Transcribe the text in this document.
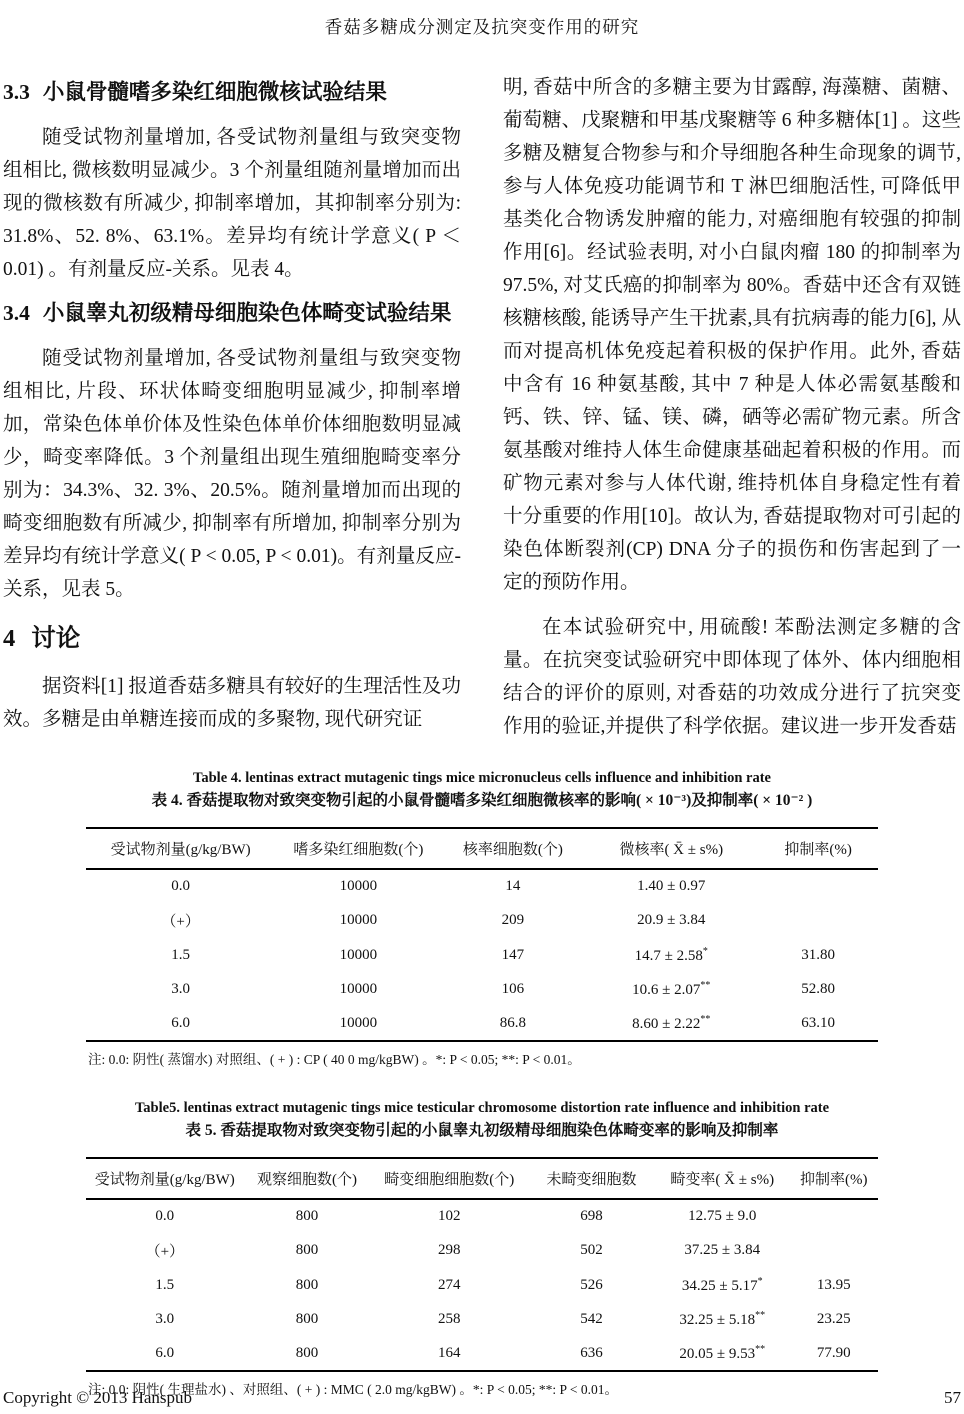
香菇多糖成分测定及抗突变作用的研究
3.3 小鼠骨髓嗜多染红细胞微核试验结果

随受试物剂量增加, 各受试物剂量组与致突变物组相比, 微核数明显减少。3 个剂量组随剂量增加而出现的微核数有所减少, 抑制率增加，其抑制率分别为: 31.8%、52. 8%、63.1%。差异均有统计学意义( P ＜ 0.01) 。有剂量反应-关系。见表 4。

3.4 小鼠睾丸初级精母细胞染色体畸变试验结果

随受试物剂量增加, 各受试物剂量组与致突变物组相比, 片段、环状体畸变细胞明显减少, 抑制率增加，常染色体单价体及性染色体单价体细胞数明显减少，畸变率降低。3 个剂量组出现生殖细胞畸变率分别为：34.3%、32. 3%、20.5%。随剂量增加而出现的畸变细胞数有所减少, 抑制率有所增加, 抑制率分别为差异均有统计学意义( P < 0.05, P < 0.01)。有剂量反应-关系，见表 5。

4 讨论

据资料[1] 报道香菇多糖具有较好的生理活性及功效。多糖是由单糖连接而成的多聚物, 现代研究证

明, 香菇中所含的多糖主要为甘露醇, 海藻糖、菌糖、葡萄糖、戊聚糖和甲基戊聚糖等 6 种多糖体[1] 。这些多糖及糖复合物参与和介导细胞各种生命现象的调节, 参与人体免疫功能调节和 T 淋巴细胞活性, 可降低甲基类化合物诱发肿瘤的能力, 对癌细胞有较强的抑制作用[6]。经试验表明, 对小白鼠肉瘤 180 的抑制率为 97.5%, 对艾氏癌的抑制率为 80%。香菇中还含有双链核糖核酸, 能诱导产生干扰素,具有抗病毒的能力[6], 从而对提高机体免疫起着积极的保护作用。此外, 香菇中含有 16 种氨基酸, 其中 7 种是人体必需氨基酸和钙、铁、锌、锰、镁、磷，硒等必需矿物元素。所含氨基酸对维持人体生命健康基础起着积极的作用。而矿物元素对参与人体代谢, 维持机体自身稳定性有着十分重要的作用[10]。故认为, 香菇提取物对可引起的染色体断裂剂(CP) DNA 分子的损伤和伤害起到了一定的预防作用。

在本试验研究中, 用硫酸! 苯酚法测定多糖的含量。在抗突变试验研究中即体现了体外、体内细胞相结合的评价的原则, 对香菇的功效成分进行了抗突变作用的验证,并提供了科学依据。建议进一步开发香菇

Table 4. lentinas extract mutagenic tings mice micronucleus cells influence and inhibition rate
表 4. 香菇提取物对致突变物引起的小鼠骨髓嗜多染红细胞微核率的影响( × 10⁻³)及抑制率( × 10⁻² )
受试物剂量(g/kg/BW)	嗜多染红细胞数(个)	核率细胞数(个)	微核率( X̄ ± s%)	抑制率(%)
0.0	10000	14	1.40 ± 0.97	
（+）	10000	209	20.9 ± 3.84	
1.5	10000	147	14.7 ± 2.58*	31.80
3.0	10000	106	10.6 ± 2.07**	52.80
6.0	10000	86.8	8.60 ± 2.22**	63.10
注: 0.0: 阴性( 蒸馏水) 对照组、( + ) : CP ( 40 0 mg/kgBW) 。*: P < 0.05; **: P < 0.01。
Table5. lentinas extract mutagenic tings mice testicular chromosome distortion rate influence and inhibition rate
表 5. 香菇提取物对致突变物引起的小鼠睾丸初级精母细胞染色体畸变率的影响及抑制率
受试物剂量(g/kg/BW)	观察细胞数(个)	畸变细胞细胞数(个)	未畸变细胞数	畸变率( X̄ ± s%)	抑制率(%)
0.0	800	102	698	12.75 ± 9.0	
（+）	800	298	502	37.25 ± 3.84	
1.5	800	274	526	34.25 ± 5.17*	13.95
3.0	800	258	542	32.25 ± 5.18**	23.25
6.0	800	164	636	20.05 ± 9.53**	77.90
注: 0.0: 阴性( 生理盐水) 、对照组、( + ) : MMC ( 2.0 mg/kgBW) 。*: P < 0.05; **: P < 0.01。
Copyright © 2013 Hanspub	57
